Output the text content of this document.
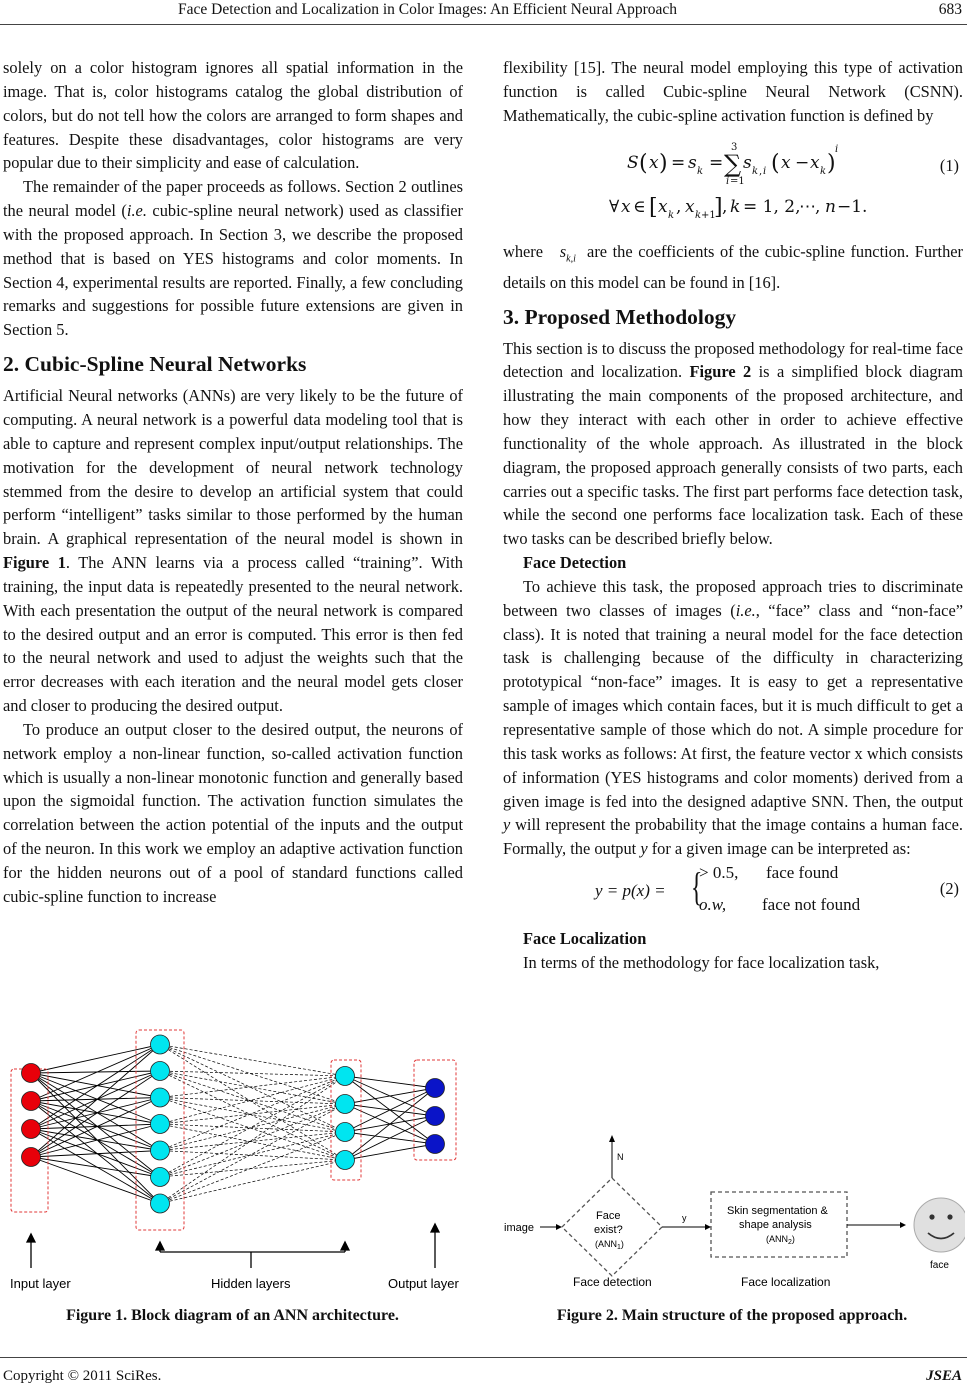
Face Detection and Localization in Color Images: An Efficient Neural Approach	683

solely on a color histogram ignores all spatial information in the image. That is, color histograms catalog the global distribution of colors, but do not tell how the colors are arranged to form shapes and features. Despite these disadvantages, color histograms are very popular due to their simplicity and ease of calculation.

The remainder of the paper proceeds as follows. Section 2 outlines the neural model (i.e. cubic-spline neural network) used as classifier with the proposed approach. In Section 3, we describe the proposed method that is based on YES histograms and color moments. In Section 4, experimental results are reported. Finally, a few concluding remarks and suggestions for possible future extensions are given in Section 5.

2. Cubic-Spline Neural Networks

Artificial Neural networks (ANNs) are very likely to be the future of computing. A neural network is a powerful data modeling tool that is able to capture and represent complex input/output relationships. The motivation for the development of neural network technology stemmed from the desire to develop an artificial system that could perform “intelligent” tasks similar to those performed by the human brain. A graphical representation of the neural model is shown in Figure 1. The ANN learns via a process called “training”. With training, the input data is repeatedly presented to the neural network. With each presentation the output of the neural network is compared to the desired output and an error is computed. This error is then fed to the neural network and used to adjust the weights such that the error decreases with each iteration and the neural model gets closer and closer to producing the desired output.

To produce an output closer to the desired output, the neurons of network employ a non-linear function, so-called activation function which is usually a non-linear monotonic function and generally based upon the sigmoidal function. The activation function simulates the correlation between the action potential of the inputs and the output of the neuron. In this work we employ an adaptive activation function for the hidden neurons out of a pool of standard functions called cubic-spline function to increase

Input layer	Hidden layers	Output layer
Figure 1. Block diagram of an ANN architecture.

flexibility [15]. The neural model employing this type of activation function is called Cubic-spline Neural Network (CSNN). Mathematically, the cubic-spline activation function is defined by

S ( x ) = s k = ∑
3
i =1
s k , i ( x − x k )
i
∀ x ∈ [ x k , x k +1
] , k = 1, 2,
⋯ , n −1.
(1)

where   $s_{k,i}$  are the coefficients of the cubic-spline function. Further details on this model can be found in [16].

3. Proposed Methodology

This section is to discuss the proposed methodology for real-time face detection and localization. Figure 2 is a simplified block diagram illustrating the main components of the proposed architecture, and how they interact with each other in order to achieve effective functionality of the whole approach. As illustrated in the block diagram, the proposed approach generally consists of two parts, each carries out a specific tasks. The first part performs face detection task, while the second one performs face localization task. Each of these two tasks can be described briefly below.

Face Detection

To achieve this task, the proposed approach tries to discriminate between two classes of images (i.e., “face” class and “non-face” class). It is noted that training a neural model for the face detection task is challenging because of the difficulty in characterizing prototypical “non-face” images. It is easy to get a representative sample of images which contain faces, but it is much difficult to get a representative sample of those which do not. A simple procedure for this task works as follows: At first, the feature vector x which consists of information (YES histograms and color moments) derived from a given image is fed into the designed adaptive SNN. Then, the output y will represent the probability that the image contains a human face. Formally, the output y for a given image can be interpreted as:

y = p(x) = {
> 0.5, face found
o.w, face not found
(2)
Face Localization

In terms of the methodology for face localization task,

image
Face
exist?
$(ANN_1)$
N
y
Skin segmentation &
shape analysis
$(ANN_2)$
face
Face detection	Face localization
Figure 2. Main structure of the proposed approach.
Copyright © 2011 SciRes.	JSEA
